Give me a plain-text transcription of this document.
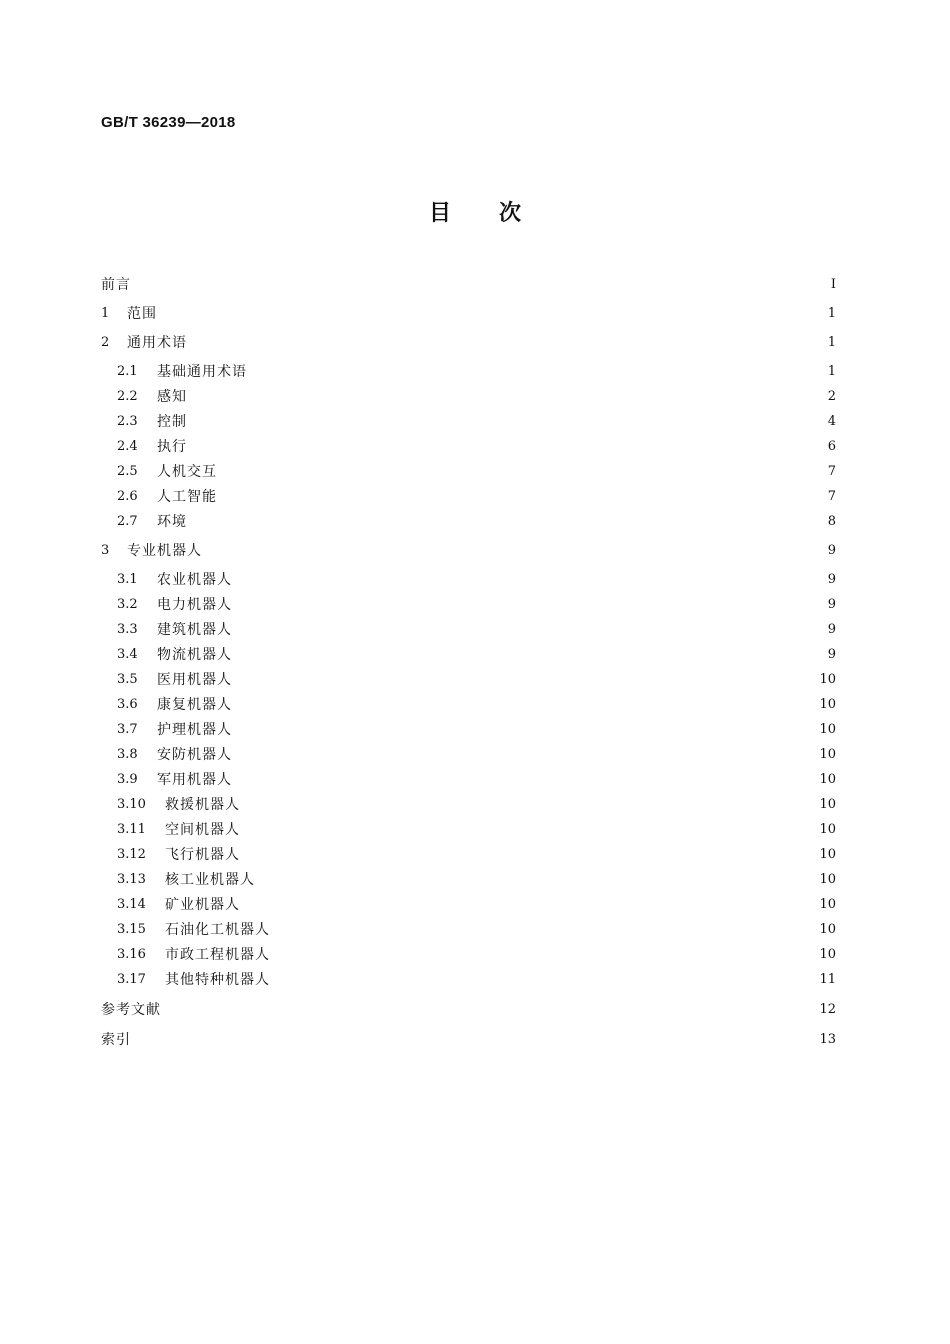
GB/T 36239—2018
目 次
前言	Ⅰ
1	范围	1
2	通用术语	1
2.1	基础通用术语	1
2.2	感知	2
2.3	控制	4
2.4	执行	6
2.5	人机交互	7
2.6	人工智能	7
2.7	环境	8
3	专业机器人	9
3.1	农业机器人	9
3.2	电力机器人	9
3.3	建筑机器人	9
3.4	物流机器人	9
3.5	医用机器人	10
3.6	康复机器人	10
3.7	护理机器人	10
3.8	安防机器人	10
3.9	军用机器人	10
3.10	救援机器人	10
3.11	空间机器人	10
3.12	飞行机器人	10
3.13	核工业机器人	10
3.14	矿业机器人	10
3.15	石油化工机器人	10
3.16	市政工程机器人	10
3.17	其他特种机器人	11
参考文献	12
索引	13
